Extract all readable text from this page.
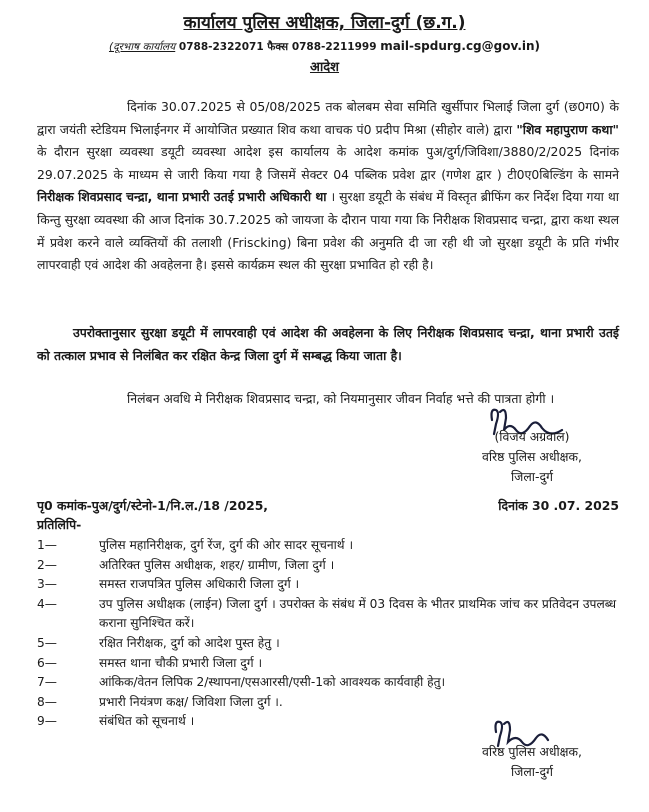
कार्यालय पुलिस अधीक्षक, जिला-दुर्ग (छ.ग.)
(दूरभाष कार्यालय 0788-2322071 फैक्स 0788-2211999 mail-spdurg.cg@gov.in)
आदेश
दिनांक 30.07.2025 से 05/08/2025 तक बोलबम सेवा समिति खुर्सीपार भिलाई जिला दुर्ग (छ0ग0) के द्वारा जयंती स्टेडियम भिलाईनगर में आयोजित प्रख्यात शिव कथा वाचक पं0 प्रदीप मिश्रा (सीहोर वाले) द्वारा "शिव महापुराण कथा" के दौरान सुरक्षा व्यवस्था डयूटी व्यवस्था आदेश इस कार्यालय के आदेश कमांक पुअ/दुर्ग/जिविशा/3880/2/2025 दिनांक 29.07.2025 के माध्यम से जारी किया गया है जिसमें सेक्टर 04 पब्लिक प्रवेश द्वार (गणेश द्वार ) टी0ए0बिल्डिंग के सामने निरीक्षक शिवप्रसाद चन्द्रा, थाना प्रभारी उतई प्रभारी अधिकारी था । सुरक्षा डयूटी के संबंध में विस्तृत ब्रीफिंग कर निर्देश दिया गया था किन्तु सुरक्षा व्यवस्था की आज दिनांक 30.7.2025 को जायजा के दौरान पाया गया कि निरीक्षक शिवप्रसाद चन्द्रा, द्वारा कथा स्थल में प्रवेश करने वाले व्यक्तियों की तलाशी (Friscking) बिना प्रवेश की अनुमति दी जा रही थी जो सुरक्षा डयूटी के प्रति गंभीर लापरवाही एवं आदेश की अवहेलना है। इससे कार्यक्रम स्थल की सुरक्षा प्रभावित हो रही है।
उपरोक्तानुसार सुरक्षा डयूटी में लापरवाही एवं आदेश की अवहेलना के लिए निरीक्षक शिवप्रसाद चन्द्रा, थाना प्रभारी उतई को तत्काल प्रभाव से निलंबित कर रक्षित केन्द्र जिला दुर्ग में सम्बद्ध किया जाता है।
निलंबन अवधि मे निरीक्षक शिवप्रसाद चन्द्रा, को नियमानुसार जीवन निर्वाह भत्ते की पात्रता होगी ।
(विजय अग्रवाल)
वरिष्ठ पुलिस अधीक्षक,
जिला-दुर्ग
पृ0 कमांक-पुअ/दुर्ग/स्टेनो-1/नि.ल./18 /2025,	दिनांक 30 .07. 2025
प्रतिलिपि-
1—	पुलिस महानिरीक्षक, दुर्ग रेंज, दुर्ग की ओर सादर सूचनार्थ ।
2—	अतिरिक्त पुलिस अधीक्षक, शहर/ ग्रामीण, जिला दुर्ग ।
3—	समस्त राजपत्रित पुलिस अधिकारी जिला दुर्ग ।
4—	उप पुलिस अधीक्षक (लाईन) जिला दुर्ग । उपरोक्त के संबंध में 03 दिवस के भीतर प्राथमिक जांच कर प्रतिवेदन उपलब्ध कराना सुनिश्चित करें।
5—	रक्षित निरीक्षक, दुर्ग को आदेश पुस्त हेतु ।
6—	समस्त थाना चौकी प्रभारी जिला दुर्ग ।
7—	आंकिक/वेतन लिपिक 2/स्थापना/एसआरसी/एसी-1को आवश्यक कार्यवाही हेतु।
8—	प्रभारी नियंत्रण कक्ष/ जिविशा जिला दुर्ग ।.
9—	संबंधित को सूचनार्थ ।
वरिष्ठ पुलिस अधीक्षक,
जिला-दुर्ग
